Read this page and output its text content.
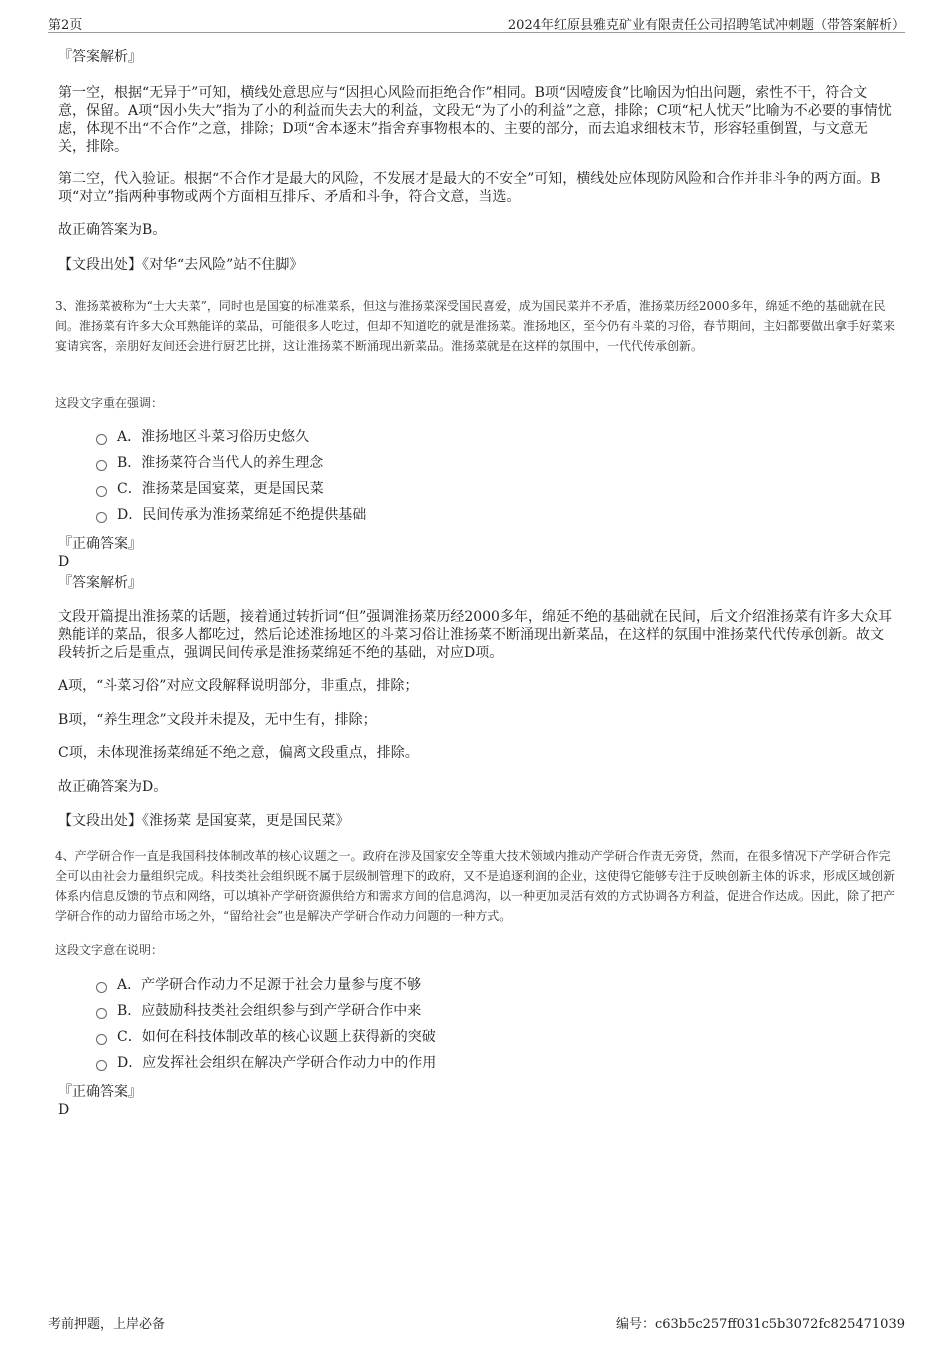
第2页	2024年红原县雅克矿业有限责任公司招聘笔试冲刺题（带答案解析）
『答案解析』
第一空，根据“无异于”可知，横线处意思应与“因担心风险而拒绝合作”相同。B项“因噎废食”比喻因为怕出问题，索性不干，符合文意，保留。A项“因小失大”指为了小的利益而失去大的利益，文段无“为了小的利益”之意，排除；C项“杞人忧天”比喻为不必要的事情忧虑，体现不出“不合作”之意，排除；D项“舍本逐末”指舍弃事物根本的、主要的部分，而去追求细枝末节，形容轻重倒置，与文意无关，排除。
第二空，代入验证。根据“不合作才是最大的风险，不发展才是最大的不安全”可知，横线处应体现防风险和合作并非斗争的两方面。B项“对立”指两种事物或两个方面相互排斥、矛盾和斗争，符合文意，当选。
故正确答案为B。
【文段出处】《对华“去风险”站不住脚》
3、淮扬菜被称为“士大夫菜”，同时也是国宴的标准菜系，但这与淮扬菜深受国民喜爱，成为国民菜并不矛盾，淮扬菜历经2000多年，绵延不绝的基础就在民间。淮扬菜有许多大众耳熟能详的菜品，可能很多人吃过，但却不知道吃的就是淮扬菜。淮扬地区，至今仍有斗菜的习俗，春节期间，主妇都要做出拿手好菜来宴请宾客，亲朋好友间还会进行厨艺比拼，这让淮扬菜不断涌现出新菜品。淮扬菜就是在这样的氛围中，一代代传承创新。
这段文字重在强调：
A．淮扬地区斗菜习俗历史悠久
B．淮扬菜符合当代人的养生理念
C．淮扬菜是国宴菜，更是国民菜
D．民间传承为淮扬菜绵延不绝提供基础
『正确答案』
D
『答案解析』
文段开篇提出淮扬菜的话题，接着通过转折词“但”强调淮扬菜历经2000多年，绵延不绝的基础就在民间，后文介绍淮扬菜有许多大众耳熟能详的菜品，很多人都吃过，然后论述淮扬地区的斗菜习俗让淮扬菜不断涌现出新菜品，在这样的氛围中淮扬菜代代传承创新。故文段转折之后是重点，强调民间传承是淮扬菜绵延不绝的基础，对应D项。
A项，“斗菜习俗”对应文段解释说明部分，非重点，排除；
B项，“养生理念”文段并未提及，无中生有，排除；
C项，未体现淮扬菜绵延不绝之意，偏离文段重点，排除。
故正确答案为D。
【文段出处】《淮扬菜 是国宴菜，更是国民菜》
4、产学研合作一直是我国科技体制改革的核心议题之一。政府在涉及国家安全等重大技术领域内推动产学研合作责无旁贷，然而，在很多情况下产学研合作完全可以由社会力量组织完成。科技类社会组织既不属于层级制管理下的政府，又不是追逐利润的企业，这使得它能够专注于反映创新主体的诉求，形成区域创新体系内信息反馈的节点和网络，可以填补产学研资源供给方和需求方间的信息鸿沟，以一种更加灵活有效的方式协调各方利益，促进合作达成。因此，除了把产学研合作的动力留给市场之外，“留给社会”也是解决产学研合作动力问题的一种方式。
这段文字意在说明：
A．产学研合作动力不足源于社会力量参与度不够
B．应鼓励科技类社会组织参与到产学研合作中来
C．如何在科技体制改革的核心议题上获得新的突破
D．应发挥社会组织在解决产学研合作动力中的作用
『正确答案』
D
考前押题，上岸必备	编号：c63b5c257ff031c5b3072fc825471039
